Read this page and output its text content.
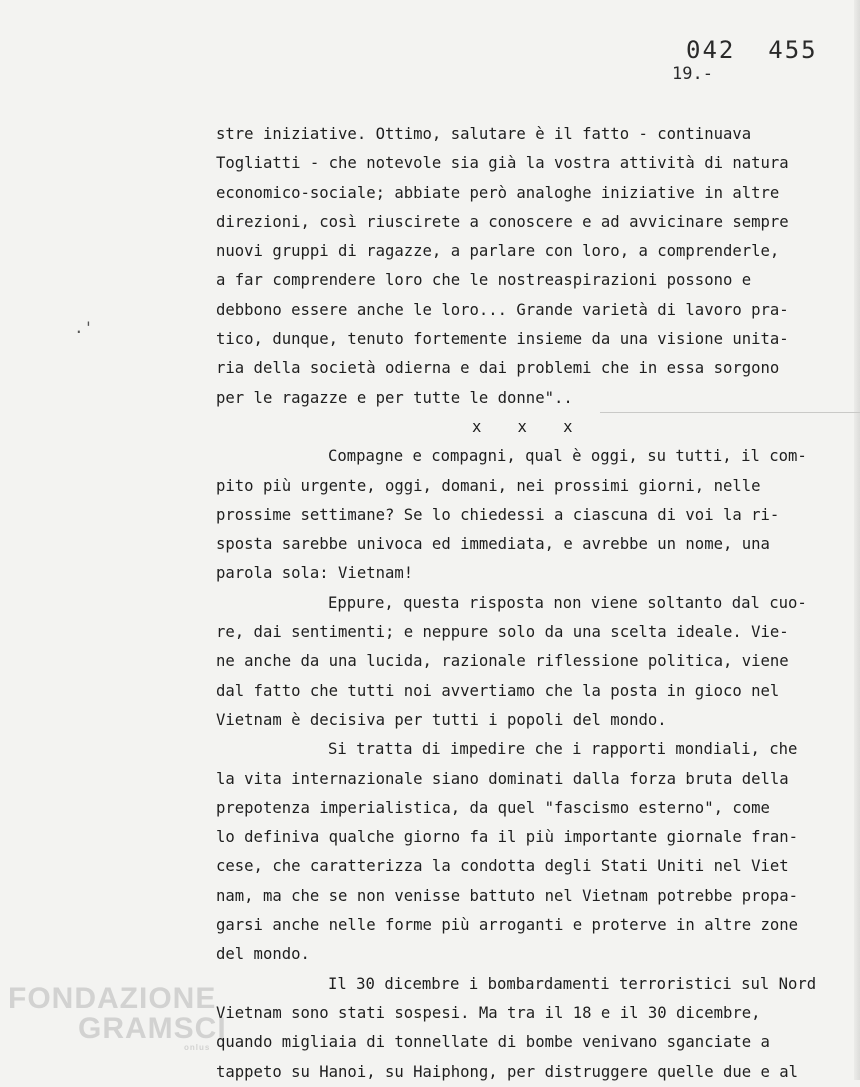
042  455
19.-
.'
stre iniziative. Ottimo, salutare è il fatto - continuava
Togliatti - che notevole sia già la vostra attività di natura
economico-sociale; abbiate però analoghe iniziative in altre
direzioni, così riuscirete a conoscere e ad avvicinare sempre
nuovi gruppi di ragazze, a parlare con loro, a comprenderle,
a far comprendere loro che le nostreaspirazioni possono e
debbono essere anche le loro... Grande varietà di lavoro pra-
tico, dunque, tenuto fortemente insieme da una visione unita-
ria della società odierna e dai problemi che in essa sorgono
per le ragazze e per tutte le donne"..
x   x   x
Compagne e compagni, qual è oggi, su tutti, il com-
pito più urgente, oggi, domani, nei prossimi giorni, nelle
prossime settimane? Se lo chiedessi a ciascuna di voi la ri-
sposta sarebbe univoca ed immediata, e avrebbe un nome, una
parola sola: Vietnam!
Eppure, questa risposta non viene soltanto dal cuo-
re, dai sentimenti; e neppure solo da una scelta ideale. Vie-
ne anche da una lucida, razionale riflessione politica, viene
dal fatto che tutti noi avvertiamo che la posta in gioco nel
Vietnam è decisiva per tutti i popoli del mondo.
Si tratta di impedire che i rapporti mondiali, che
la vita internazionale siano dominati dalla forza bruta della
prepotenza imperialistica, da quel "fascismo esterno", come
lo definiva qualche giorno fa il più importante giornale fran-
cese, che caratterizza la condotta degli Stati Uniti nel Viet
nam, ma che se non venisse battuto nel Vietnam potrebbe propa-
garsi anche nelle forme più arroganti e proterve in altre zone
del mondo.
Il 30 dicembre i bombardamenti terroristici sul Nord
Vietnam sono stati sospesi. Ma tra il 18 e il 30 dicembre,
quando migliaia di tonnellate di bombe venivano sganciate a
tappeto su Hanoi, su Haiphong, per distruggere quelle due e al
FONDAZIONE
GRAMSCI
onlus
